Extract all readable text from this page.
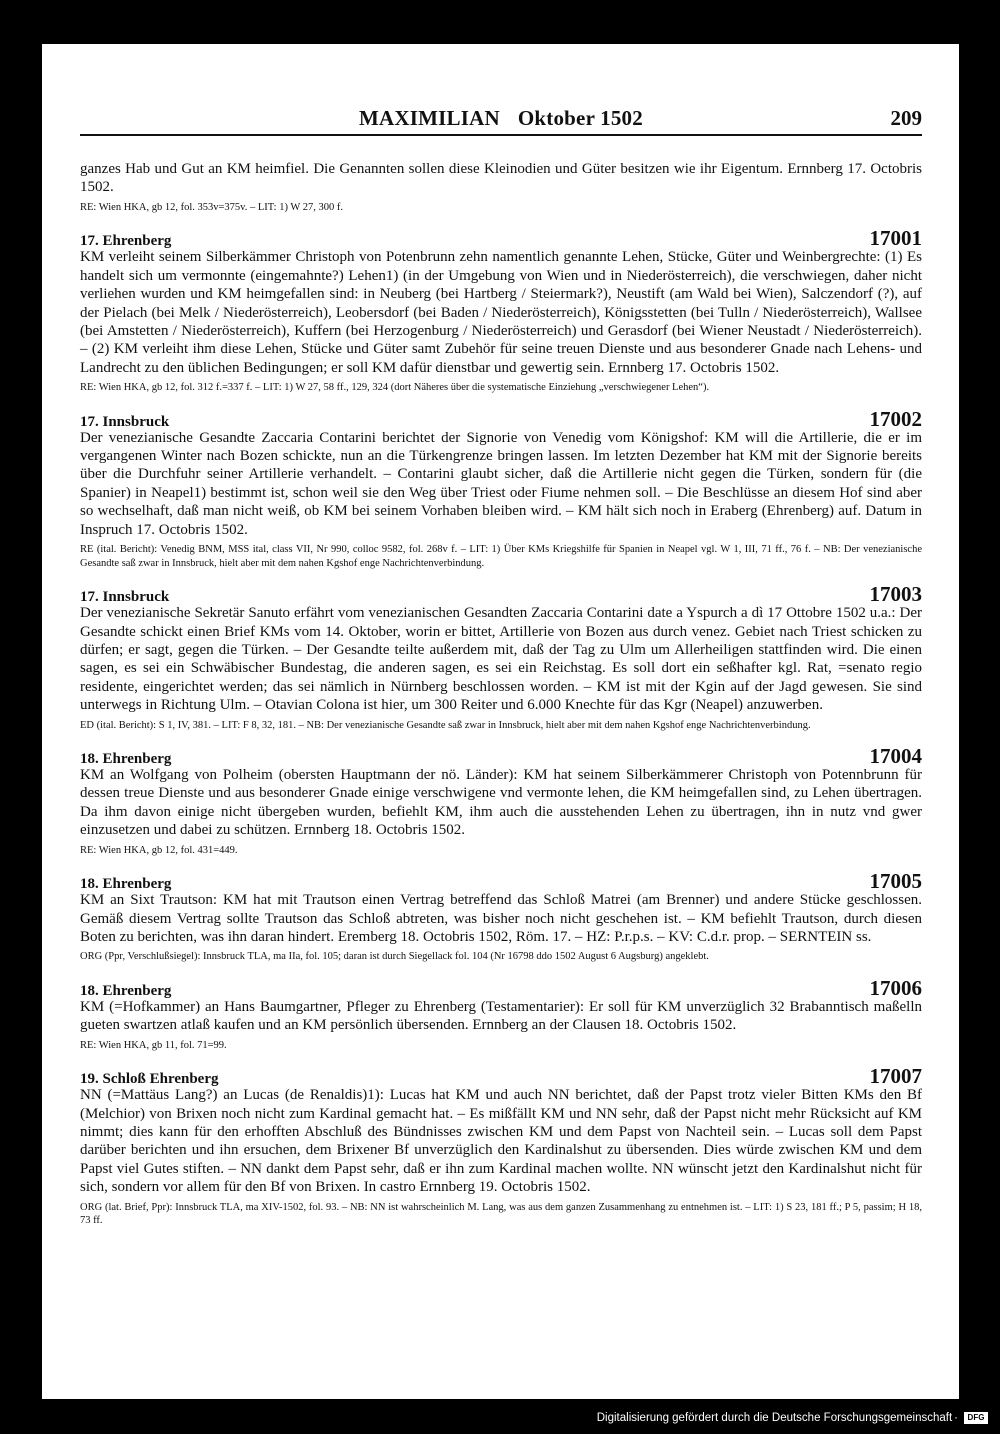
MAXIMILIAN Oktober 1502	209

ganzes Hab und Gut an KM heimfiel. Die Genannten sollen diese Kleinodien und Güter besitzen wie ihr Eigentum. Ernnberg 17. Octobris 1502.

RE: Wien HKA, gb 12, fol. 353v=375v. – LIT: 1) W 27, 300 f.

17. Ehrenberg	17001

KM verleiht seinem Silberkämmer Christoph von Potenbrunn zehn namentlich genannte Lehen, Stücke, Güter und Weinbergrechte: (1) Es handelt sich um vermonnte (eingemahnte?) Lehen1) (in der Umgebung von Wien und in Niederösterreich), die verschwiegen, daher nicht verliehen wurden und KM heimgefallen sind: in Neuberg (bei Hartberg / Steiermark?), Neustift (am Wald bei Wien), Salczendorf (?), auf der Pielach (bei Melk / Niederösterreich), Leobersdorf (bei Baden / Niederösterreich), Königsstetten (bei Tulln / Niederösterreich), Wallsee (bei Amstetten / Niederösterreich), Kuffern (bei Herzogenburg / Niederösterreich) und Gerasdorf (bei Wiener Neustadt / Niederösterreich). – (2) KM verleiht ihm diese Lehen, Stücke und Güter samt Zubehör für seine treuen Dienste und aus besonderer Gnade nach Lehens- und Landrecht zu den üblichen Bedingungen; er soll KM dafür dienstbar und gewertig sein. Ernnberg 17. Octobris 1502.

RE: Wien HKA, gb 12, fol. 312 f.=337 f. – LIT: 1) W 27, 58 ff., 129, 324 (dort Näheres über die systematische Einziehung „verschwiegener Lehen“).

17. Innsbruck	17002

Der venezianische Gesandte Zaccaria Contarini berichtet der Signorie von Venedig vom Königshof: KM will die Artillerie, die er im vergangenen Winter nach Bozen schickte, nun an die Türkengrenze bringen lassen. Im letzten Dezember hat KM mit der Signorie bereits über die Durchfuhr seiner Artillerie verhandelt. – Contarini glaubt sicher, daß die Artillerie nicht gegen die Türken, sondern für (die Spanier) in Neapel1) bestimmt ist, schon weil sie den Weg über Triest oder Fiume nehmen soll. – Die Beschlüsse an diesem Hof sind aber so wechselhaft, daß man nicht weiß, ob KM bei seinem Vorhaben bleiben wird. – KM hält sich noch in Eraberg (Ehrenberg) auf. Datum in Inspruch 17. Octobris 1502.

RE (ital. Bericht): Venedig BNM, MSS ital, class VII, Nr 990, colloc 9582, fol. 268v f. – LIT: 1) Über KMs Kriegshilfe für Spanien in Neapel vgl. W 1, III, 71 ff., 76 f. – NB: Der venezianische Gesandte saß zwar in Innsbruck, hielt aber mit dem nahen Kgshof enge Nachrichtenverbindung.

17. Innsbruck	17003

Der venezianische Sekretär Sanuto erfährt vom venezianischen Gesandten Zaccaria Contarini date a Yspurch a dì 17 Ottobre 1502 u.a.: Der Gesandte schickt einen Brief KMs vom 14. Oktober, worin er bittet, Artillerie von Bozen aus durch venez. Gebiet nach Triest schicken zu dürfen; er sagt, gegen die Türken. – Der Gesandte teilte außerdem mit, daß der Tag zu Ulm um Allerheiligen stattfinden wird. Die einen sagen, es sei ein Schwäbischer Bundestag, die anderen sagen, es sei ein Reichstag. Es soll dort ein seßhafter kgl. Rat, =senato regio residente, eingerichtet werden; das sei nämlich in Nürnberg beschlossen worden. – KM ist mit der Kgin auf der Jagd gewesen. Sie sind unterwegs in Richtung Ulm. – Otavian Colona ist hier, um 300 Reiter und 6.000 Knechte für das Kgr (Neapel) anzuwerben.

ED (ital. Bericht): S 1, IV, 381. – LIT: F 8, 32, 181. – NB: Der venezianische Gesandte saß zwar in Innsbruck, hielt aber mit dem nahen Kgshof enge Nachrichtenverbindung.

18. Ehrenberg	17004

KM an Wolfgang von Polheim (obersten Hauptmann der nö. Länder): KM hat seinem Silberkämmerer Christoph von Potennbrunn für dessen treue Dienste und aus besonderer Gnade einige verschwigene vnd vermonte lehen, die KM heimgefallen sind, zu Lehen übertragen. Da ihm davon einige nicht übergeben wurden, befiehlt KM, ihm auch die ausstehenden Lehen zu übertragen, ihn in nutz vnd gwer einzusetzen und dabei zu schützen. Ernnberg 18. Octobris 1502.

RE: Wien HKA, gb 12, fol. 431=449.

18. Ehrenberg	17005

KM an Sixt Trautson: KM hat mit Trautson einen Vertrag betreffend das Schloß Matrei (am Brenner) und andere Stücke geschlossen. Gemäß diesem Vertrag sollte Trautson das Schloß abtreten, was bisher noch nicht geschehen ist. – KM befiehlt Trautson, durch diesen Boten zu berichten, was ihn daran hindert. Eremberg 18. Octobris 1502, Röm. 17. – HZ: P.r.p.s. – KV: C.d.r. prop. – SERNTEIN ss.

ORG (Ppr, Verschlußsiegel): Innsbruck TLA, ma IIa, fol. 105; daran ist durch Siegellack fol. 104 (Nr 16798 ddo 1502 August 6 Augsburg) angeklebt.

18. Ehrenberg	17006

KM (=Hofkammer) an Hans Baumgartner, Pfleger zu Ehrenberg (Testamentarier): Er soll für KM unverzüglich 32 Brabanntisch maßelln gueten swartzen atlaß kaufen und an KM persönlich übersenden. Ernnberg an der Clausen 18. Octobris 1502.

RE: Wien HKA, gb 11, fol. 71=99.

19. Schloß Ehrenberg	17007

NN (=Mattäus Lang?) an Lucas (de Renaldis)1): Lucas hat KM und auch NN berichtet, daß der Papst trotz vieler Bitten KMs den Bf (Melchior) von Brixen noch nicht zum Kardinal gemacht hat. – Es mißfällt KM und NN sehr, daß der Papst nicht mehr Rücksicht auf KM nimmt; dies kann für den erhofften Abschluß des Bündnisses zwischen KM und dem Papst von Nachteil sein. – Lucas soll dem Papst darüber berichten und ihn ersuchen, dem Brixener Bf unverzüglich den Kardinalshut zu übersenden. Dies würde zwischen KM und dem Papst viel Gutes stiften. – NN dankt dem Papst sehr, daß er ihn zum Kardinal machen wollte. NN wünscht jetzt den Kardinalshut nicht für sich, sondern vor allem für den Bf von Brixen. In castro Ernnberg 19. Octobris 1502.

ORG (lat. Brief, Ppr): Innsbruck TLA, ma XIV-1502, fol. 93. – NB: NN ist wahrscheinlich M. Lang, was aus dem ganzen Zusammenhang zu entnehmen ist. – LIT: 1) S 23, 181 ff.; P 5, passim; H 18, 73 ff.

Digitalisierung gefördert durch die Deutsche Forschungsgemeinschaft ·	DFG
